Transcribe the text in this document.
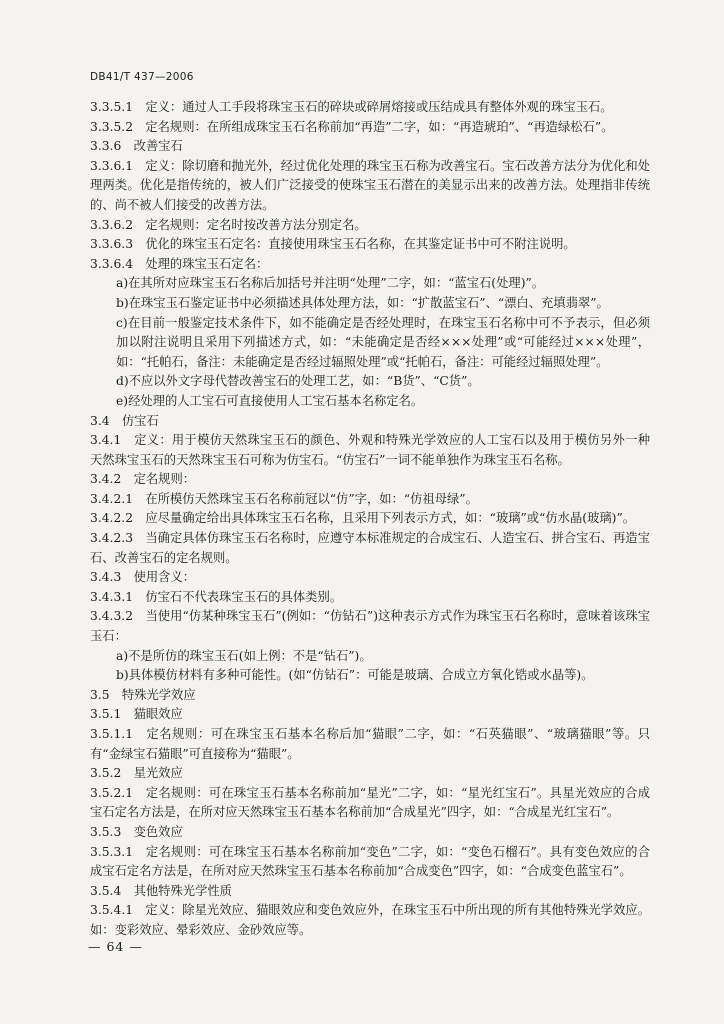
DB41/T 437—2006

3.3.5.1　定义：通过人工手段将珠宝玉石的碎块或碎屑熔接或压结成具有整体外观的珠宝玉石。

3.3.5.2　定名规则：在所组成珠宝玉石名称前加“再造”二字，如：“再造琥珀”、“再造绿松石”。

3.3.6　改善宝石

3.3.6.1　定义：除切磨和抛光外，经过优化处理的珠宝玉石称为改善宝石。宝石改善方法分为优化和处理两类。优化是指传统的，被人们广泛接受的使珠宝玉石潜在的美显示出来的改善方法。处理指非传统的、尚不被人们接受的改善方法。

3.3.6.2　定名规则：定名时按改善方法分别定名。

3.3.6.3　优化的珠宝玉石定名：直接使用珠宝玉石名称，在其鉴定证书中可不附注说明。

3.3.6.4　处理的珠宝玉石定名：

a)在其所对应珠宝玉石名称后加括号并注明“处理”二字，如：“蓝宝石(处理)”。

b)在珠宝玉石鉴定证书中必须描述具体处理方法，如：“扩散蓝宝石”、“漂白、充填翡翠”。

c)在目前一般鉴定技术条件下，如不能确定是否经处理时，在珠宝玉石名称中可不予表示，但必须加以附注说明且采用下列描述方式，如：“未能确定是否经×××处理”或“可能经过×××处理”，如：“托帕石，备注：未能确定是否经过辐照处理”或“托帕石，备注：可能经过辐照处理”。

d)不应以外文字母代替改善宝石的处理工艺，如：“B货”、“C货”。

e)经处理的人工宝石可直接使用人工宝石基本名称定名。

3.4　仿宝石

3.4.1　定义：用于模仿天然珠宝玉石的颜色、外观和特殊光学效应的人工宝石以及用于模仿另外一种天然珠宝玉石的天然珠宝玉石可称为仿宝石。“仿宝石”一词不能单独作为珠宝玉石名称。

3.4.2　定名规则：

3.4.2.1　在所模仿天然珠宝玉石名称前冠以“仿”字，如：“仿祖母绿”。

3.4.2.2　应尽量确定给出具体珠宝玉石名称，且采用下列表示方式，如：“玻璃”或“仿水晶(玻璃)”。

3.4.2.3　当确定具体仿珠宝玉石名称时，应遵守本标准规定的合成宝石、人造宝石、拼合宝石、再造宝石、改善宝石的定名规则。

3.4.3　使用含义：

3.4.3.1　仿宝石不代表珠宝玉石的具体类别。

3.4.3.2　当使用“仿某种珠宝玉石”(例如：“仿钻石”)这种表示方式作为珠宝玉石名称时，意味着该珠宝玉石：

a)不是所仿的珠宝玉石(如上例：不是“钻石”)。

b)具体模仿材料有多种可能性。(如“仿钻石”：可能是玻璃、合成立方氧化锆或水晶等)。

3.5　特殊光学效应

3.5.1　猫眼效应

3.5.1.1　定名规则：可在珠宝玉石基本名称后加“猫眼”二字，如：“石英猫眼”、“玻璃猫眼”等。只有“金绿宝石猫眼”可直接称为“猫眼”。

3.5.2　星光效应

3.5.2.1　定名规则：可在珠宝玉石基本名称前加“星光”二字，如：“星光红宝石”。具星光效应的合成宝石定名方法是，在所对应天然珠宝玉石基本名称前加“合成星光”四字，如：“合成星光红宝石”。

3.5.3　变色效应

3.5.3.1　定名规则：可在珠宝玉石基本名称前加“变色”二字，如：“变色石榴石”。具有变色效应的合成宝石定名方法是，在所对应天然珠宝玉石基本名称前加“合成变色”四字，如：“合成变色蓝宝石”。

3.5.4　其他特殊光学性质

3.5.4.1　定义：除星光效应、猫眼效应和变色效应外，在珠宝玉石中所出现的所有其他特殊光学效应。如：变彩效应、晕彩效应、金砂效应等。

— 64 —
